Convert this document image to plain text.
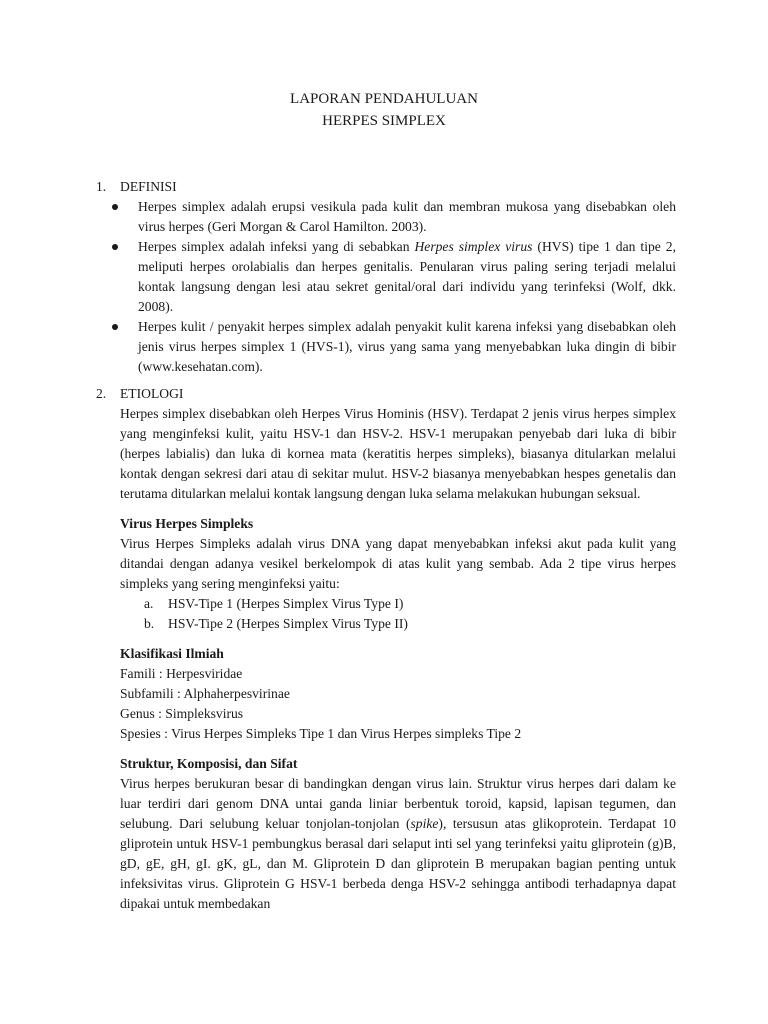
LAPORAN PENDAHULUAN
HERPES SIMPLEX
1. DEFINISI
Herpes simplex adalah erupsi vesikula pada kulit dan membran mukosa yang disebabkan oleh virus herpes (Geri Morgan & Carol Hamilton. 2003).
Herpes simplex adalah infeksi yang di sebabkan Herpes simplex virus (HVS) tipe 1 dan tipe 2, meliputi herpes orolabialis dan herpes genitalis. Penularan virus paling sering terjadi melalui kontak langsung dengan lesi atau sekret genital/oral dari individu yang terinfeksi (Wolf, dkk. 2008).
Herpes kulit / penyakit herpes simplex adalah penyakit kulit karena infeksi yang disebabkan oleh jenis virus herpes simplex 1 (HVS-1), virus yang sama yang menyebabkan luka dingin di bibir (www.kesehatan.com).
2. ETIOLOGI

Herpes simplex disebabkan oleh Herpes Virus Hominis (HSV). Terdapat 2 jenis virus herpes simplex yang menginfeksi kulit, yaitu HSV-1 dan HSV-2. HSV-1 merupakan penyebab dari luka di bibir (herpes labialis) dan luka di kornea mata (keratitis herpes simpleks), biasanya ditularkan melalui kontak dengan sekresi dari atau di sekitar mulut. HSV-2 biasanya menyebabkan hespes genetalis dan terutama ditularkan melalui kontak langsung dengan luka selama melakukan hubungan seksual.

Virus Herpes Simpleks

Virus Herpes Simpleks adalah virus DNA yang dapat menyebabkan infeksi akut pada kulit yang ditandai dengan adanya vesikel berkelompok di atas kulit yang sembab. Ada 2 tipe virus herpes simpleks yang sering menginfeksi yaitu:

a. HSV-Tipe 1 (Herpes Simplex Virus Type I)
b. HSV-Tipe 2 (Herpes Simplex Virus Type II)

Klasifikasi Ilmiah

Famili : Herpesviridae

Subfamili : Alphaherpesvirinae

Genus : Simpleksvirus

Spesies : Virus Herpes Simpleks Tipe 1 dan Virus Herpes simpleks Tipe 2

Struktur, Komposisi, dan Sifat

Virus herpes berukuran besar di bandingkan dengan virus lain. Struktur virus herpes dari dalam ke luar terdiri dari genom DNA untai ganda liniar berbentuk toroid, kapsid, lapisan tegumen, dan selubung. Dari selubung keluar tonjolan-tonjolan (spike), tersusun atas glikoprotein. Terdapat 10 gliprotein untuk HSV-1 pembungkus berasal dari selaput inti sel yang terinfeksi yaitu gliprotein (g)B, gD, gE, gH, gI. gK, gL, dan M. Gliprotein D dan gliprotein B merupakan bagian penting untuk infeksivitas virus. Gliprotein G HSV-1 berbeda denga HSV-2 sehingga antibodi terhadapnya dapat dipakai untuk membedakan
